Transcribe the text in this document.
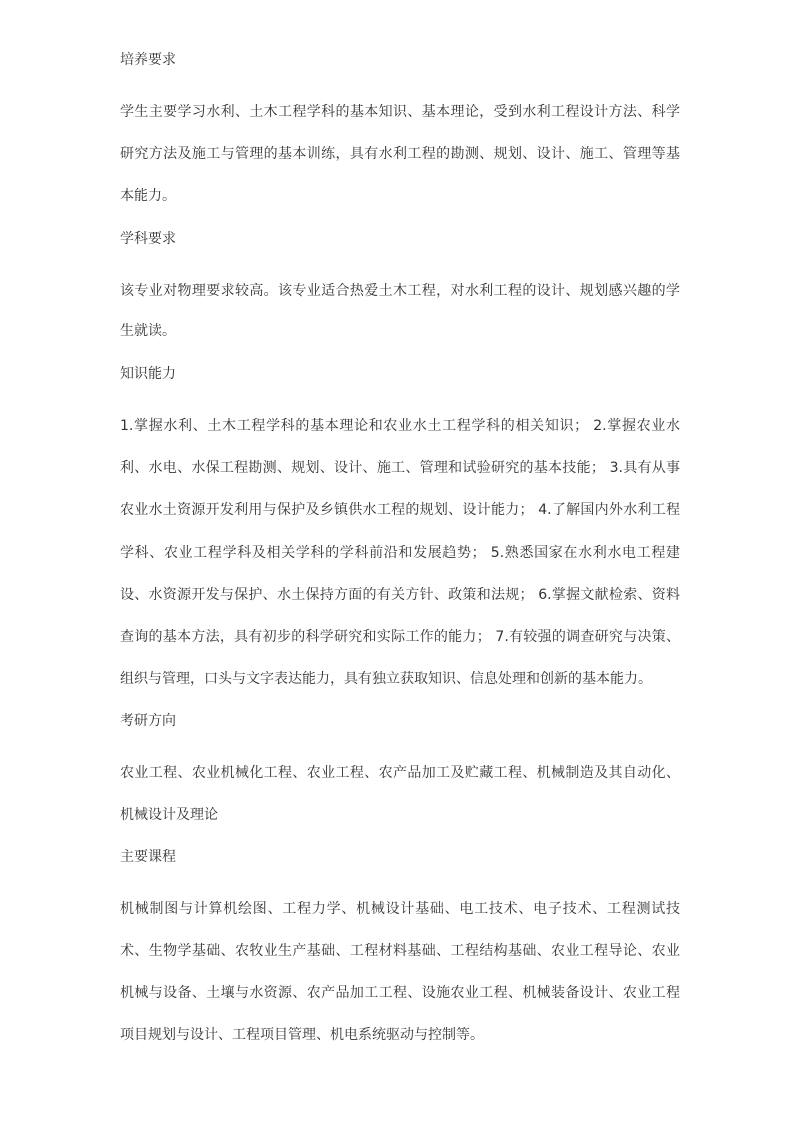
培养要求
学生主要学习水利、土木工程学科的基本知识、基本理论，受到水利工程设计方法、科学
研究方法及施工与管理的基本训练，具有水利工程的勘测、规划、设计、施工、管理等基
本能力。
学科要求
该专业对物理要求较高。该专业适合热爱土木工程，对水利工程的设计、规划感兴趣的学
生就读。
知识能力
1.掌握水利、土木工程学科的基本理论和农业水土工程学科的相关知识； 2.掌握农业水
利、水电、水保工程勘测、规划、设计、施工、管理和试验研究的基本技能； 3.具有从事
农业水土资源开发利用与保护及乡镇供水工程的规划、设计能力； 4.了解国内外水利工程
学科、农业工程学科及相关学科的学科前沿和发展趋势； 5.熟悉国家在水利水电工程建
设、水资源开发与保护、水土保持方面的有关方针、政策和法规； 6.掌握文献检索、资料
查询的基本方法，具有初步的科学研究和实际工作的能力； 7.有较强的调查研究与决策、
组织与管理，口头与文字表达能力，具有独立获取知识、信息处理和创新的基本能力。
考研方向
农业工程、农业机械化工程、农业工程、农产品加工及贮藏工程、机械制造及其自动化、
机械设计及理论
主要课程
机械制图与计算机绘图、工程力学、机械设计基础、电工技术、电子技术、工程测试技
术、生物学基础、农牧业生产基础、工程材料基础、工程结构基础、农业工程导论、农业
机械与设备、土壤与水资源、农产品加工工程、设施农业工程、机械装备设计、农业工程
项目规划与设计、工程项目管理、机电系统驱动与控制等。
